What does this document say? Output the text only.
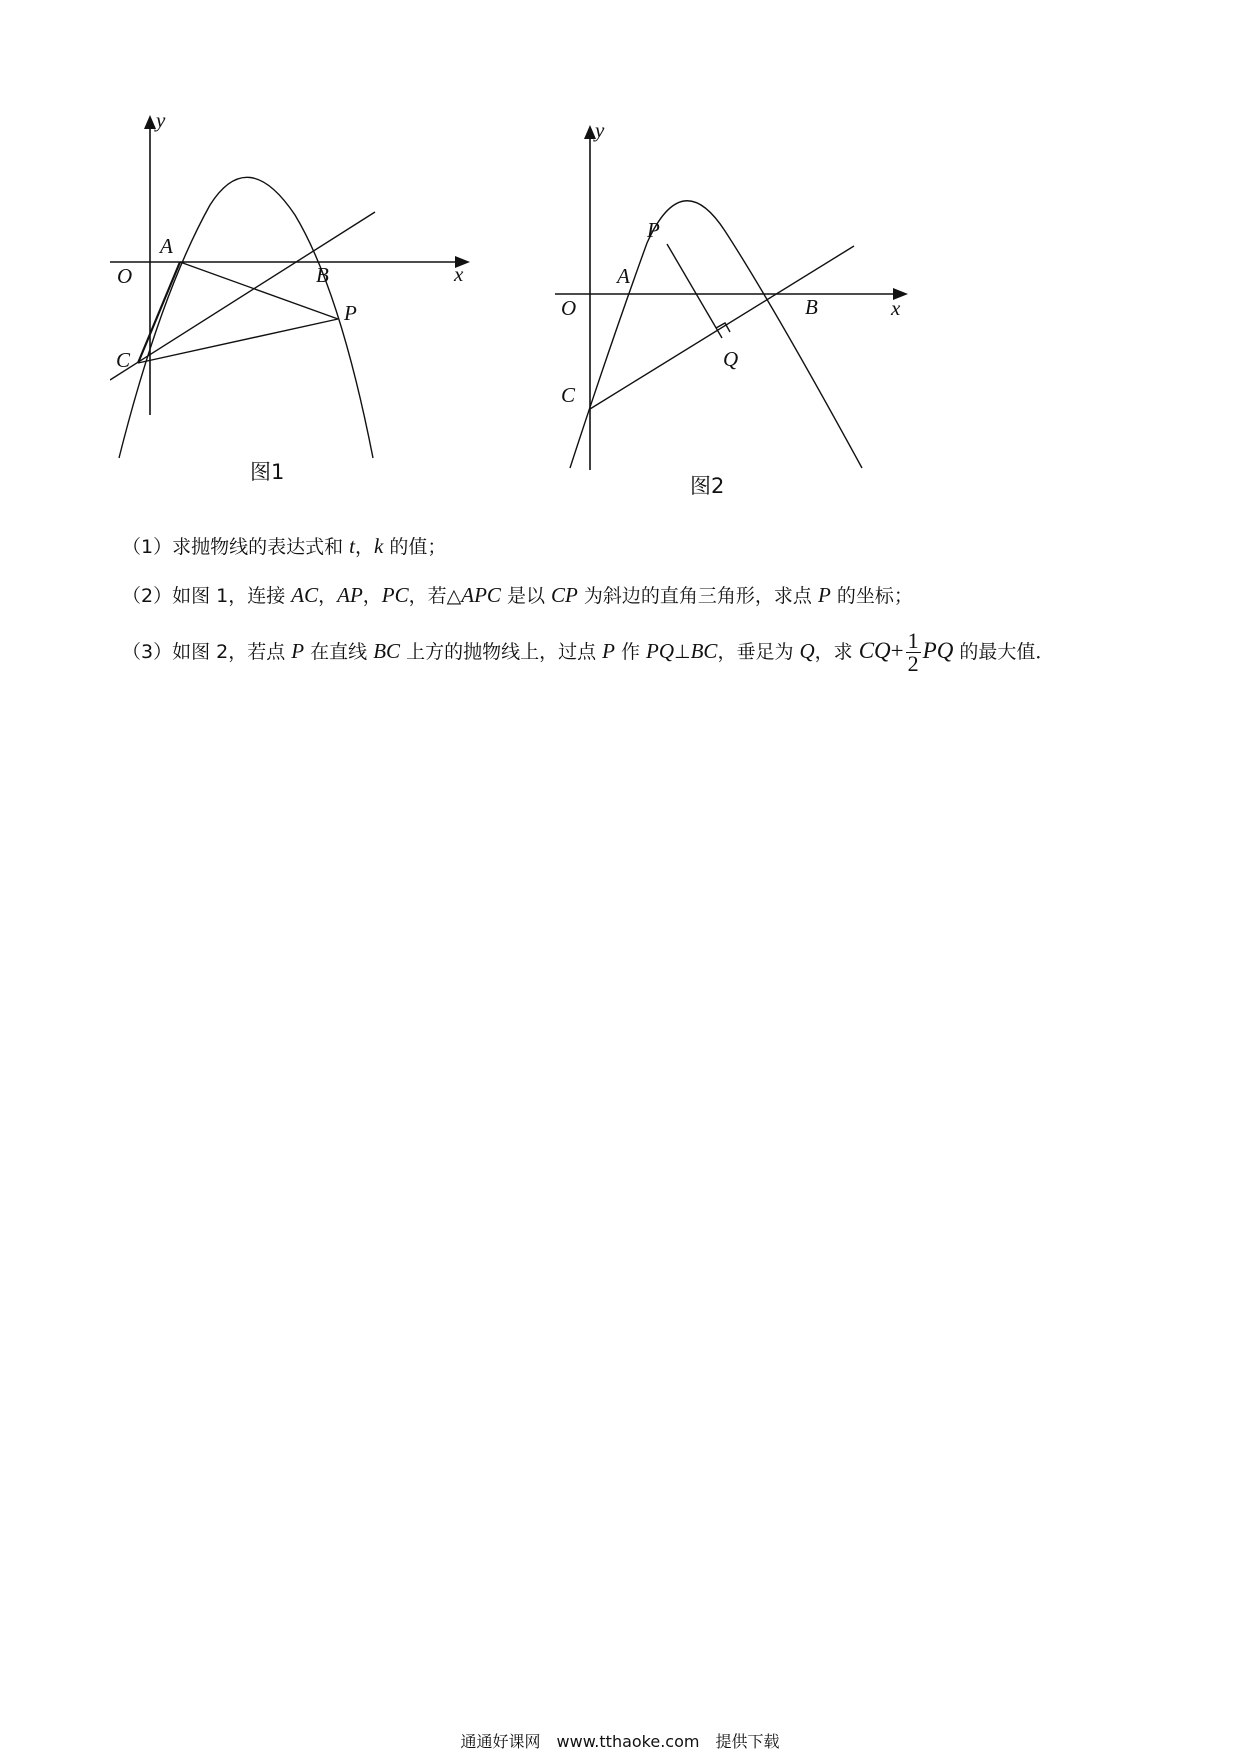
y
x
O
A
B
C
P
图1
y
x
O
A
B
C
P
Q
图2
（1）求抛物线的表达式和 t，k 的值；
（2）如图 1，连接 AC，AP，PC，若△APC 是以 CP 为斜边的直角三角形，求点 P 的坐标；
（3）如图 2，若点 P 在直线 BC 上方的抛物线上，过点 P 作 PQ⊥BC，垂足为 Q，求 $CQ+ \frac{1}{2}$ PQ 的最大值．
通通好课网　www.tthaoke.com　提供下载
